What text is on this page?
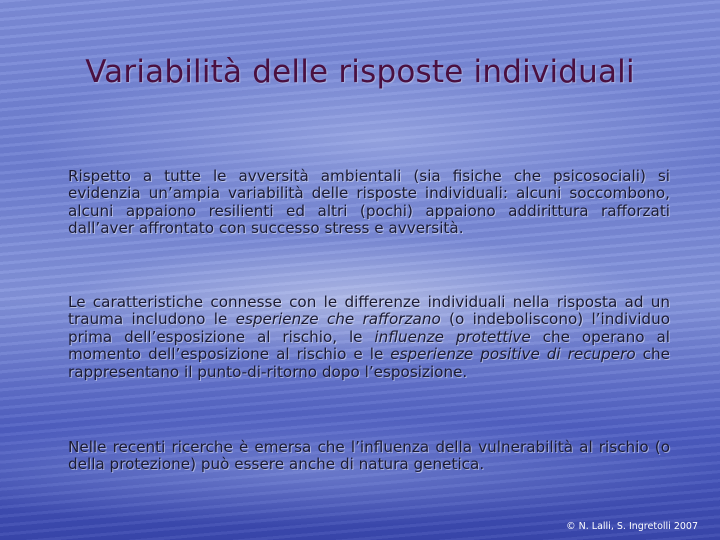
Variabilità delle risposte individuali

Rispetto a tutte le avversità ambientali (sia fisiche che psicosociali) si evidenzia un’ampia variabilità delle risposte individuali: alcuni soccombono, alcuni appaiono resilienti ed altri (pochi) appaiono addirittura rafforzati dall’aver affrontato con successo stress e avversità.

Le caratteristiche connesse con le differenze individuali nella risposta ad un trauma includono le esperienze che rafforzano (o indeboliscono) l’individuo prima dell’esposizione al rischio, le influenze protettive che operano al momento dell’esposizione al rischio e le esperienze positive di recupero che rappresentano il punto-di-ritorno dopo l’esposizione.

Nelle recenti ricerche è emersa che l’influenza della vulnerabilità al rischio (o della protezione) può essere anche di natura genetica.

© N. Lalli, S. Ingretolli 2007
